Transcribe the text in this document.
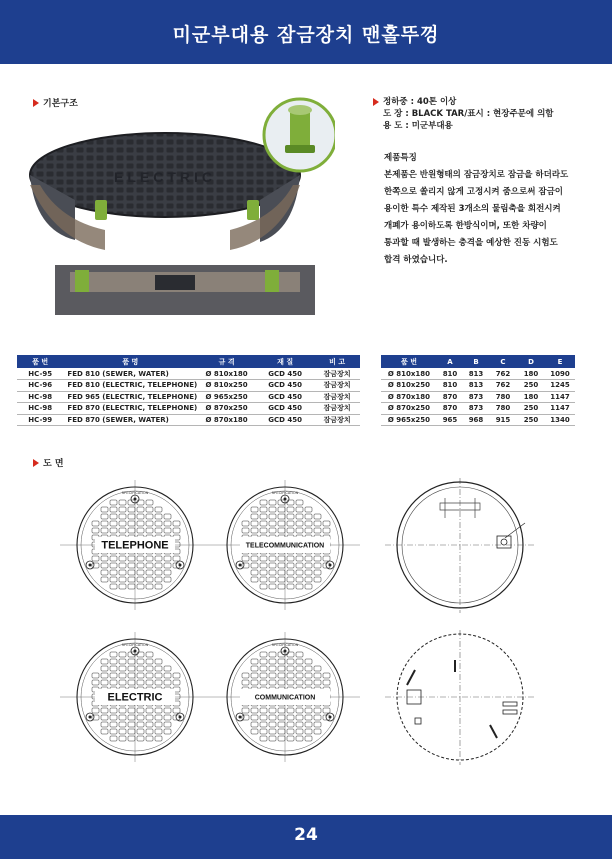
미군부대용 잠금장치 맨홀뚜껑
기본구조
ELECTRIC
정하중 : 40톤 이상
도 장 : BLACK TAR/표시 : 현장주문에 의함
용 도 : 미군부대용
제품특징
본제품은 반원형태의 잠금장치로 잠금을 하더라도
한쪽으로 쏠리지 않게 고정시켜 줌으로써 잠금이
용이한 특수 제작된 3개소의 물림축을 회전시켜
개폐가 용이하도록 한방식이며, 또한 차량이
통과할 때 발생하는 충격을 예상한 진동 시험도
합격 하였습니다.
품 번	품 명	규 격	재 질	비 고
HC-95	FED 810 (SEWER, WATER)	Ø 810x180	GCD 450	잠금장치
HC-96	FED 810 (ELECTRIC, TELEPHONE)	Ø 810x250	GCD 450	잠금장치
HC-98	FED 965 (ELECTRIC, TELEPHONE)	Ø 965x250	GCD 450	잠금장치
HC-98	FED 870 (ELECTRIC, TELEPHONE)	Ø 870x250	GCD 450	잠금장치
HC-99	FED 870 (SEWER, WATER)	Ø 870x180	GCD 450	잠금장치
품 번	A	B	C	D	E
Ø 810x180	810	813	762	180	1090
Ø 810x250	810	813	762	250	1245
Ø 870x180	870	873	780	180	1147
Ø 870x250	870	873	780	250	1147
Ø 965x250	965	968	915	250	1340
도 면
TELEPHONE
SPECIFICATION
TELECOMMUNICATION
SPECIFICATION
ELECTRIC
SPECIFICATION
COMMUNICATION
SPECIFICATION
24
